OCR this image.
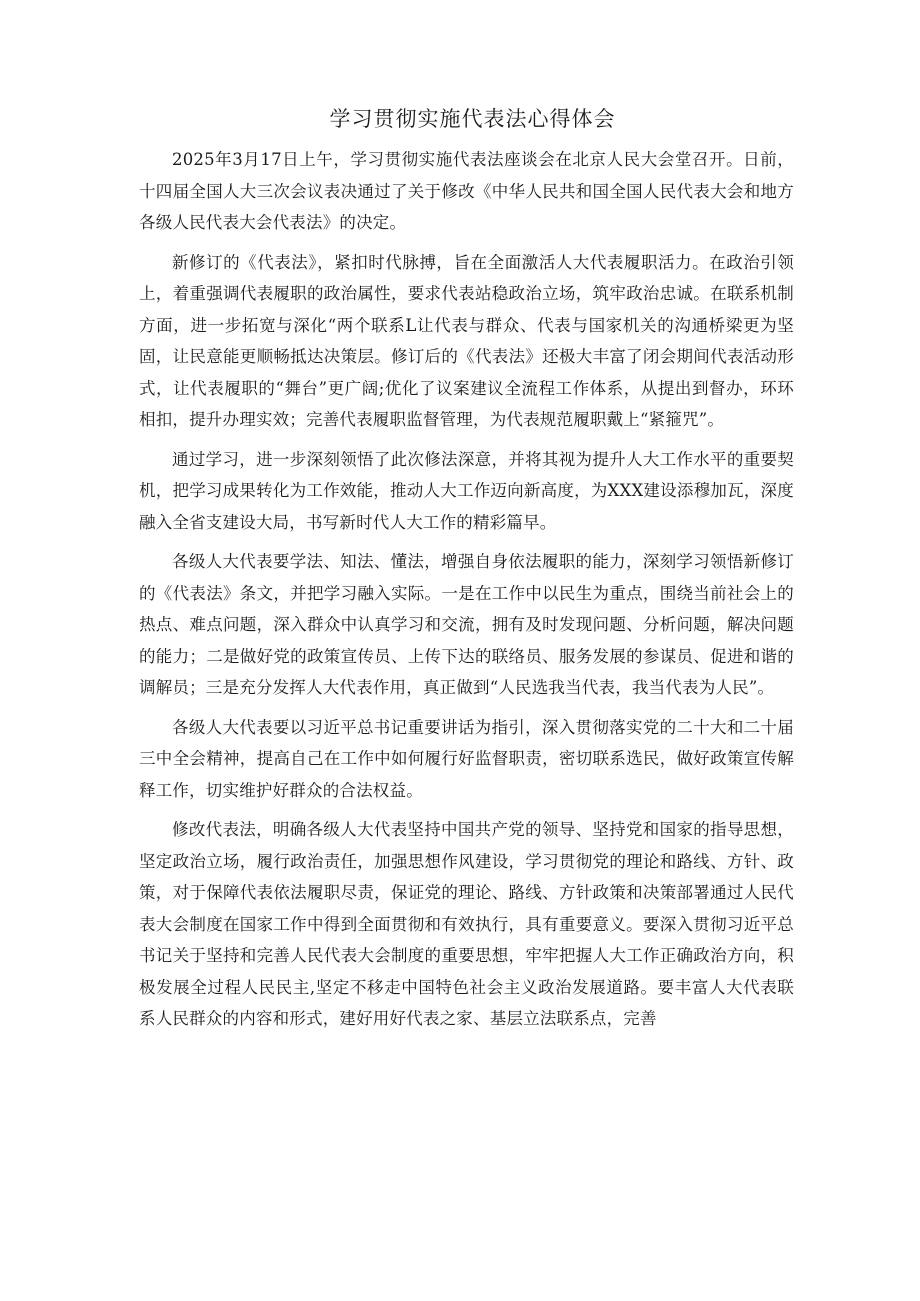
学习贯彻实施代表法心得体会

2025年3月17日上午，学习贯彻实施代表法座谈会在北京人民大会堂召开。日前，十四届全国人大三次会议表决通过了关于修改《中华人民共和国全国人民代表大会和地方各级人民代表大会代表法》的决定。

新修订的《代表法》，紧扣时代脉搏，旨在全面激活人大代表履职活力。在政治引领上，着重强调代表履职的政治属性，要求代表站稳政治立场，筑牢政治忠诚。在联系机制方面，进一步拓宽与深化“两个联系L让代表与群众、代表与国家机关的沟通桥梁更为坚固，让民意能更顺畅抵达决策层。修订后的《代表法》还极大丰富了闭会期间代表活动形式，让代表履职的“舞台”更广阔;优化了议案建议全流程工作体系，从提出到督办，环环相扣，提升办理实效；完善代表履职监督管理，为代表规范履职戴上“紧箍咒”。

通过学习，进一步深刻领悟了此次修法深意，并将其视为提升人大工作水平的重要契机，把学习成果转化为工作效能，推动人大工作迈向新高度，为XXX建设添穆加瓦，深度融入全省支建设大局，书写新时代人大工作的精彩篇早。

各级人大代表要学法、知法、懂法，增强自身依法履职的能力，深刻学习领悟新修订的《代表法》条文，并把学习融入实际。一是在工作中以民生为重点，围绕当前社会上的热点、难点问题，深入群众中认真学习和交流，拥有及时发现问题、分析问题，解决问题的能力；二是做好党的政策宣传员、上传下达的联络员、服务发展的参谋员、促进和谐的调解员；三是充分发挥人大代表作用，真正做到“人民选我当代表，我当代表为人民”。

各级人大代表要以习近平总书记重要讲话为指引，深入贯彻落实党的二十大和二十届三中全会精神，提高自己在工作中如何履行好监督职责，密切联系选民，做好政策宣传解释工作，切实维护好群众的合法权益。

修改代表法，明确各级人大代表坚持中国共产党的领导、坚持党和国家的指导思想，坚定政治立场，履行政治责任，加强思想作风建设，学习贯彻党的理论和路线、方针、政策，对于保障代表依法履职尽责，保证党的理论、路线、方针政策和决策部署通过人民代表大会制度在国家工作中得到全面贯彻和有效执行，具有重要意义。要深入贯彻习近平总书记关于坚持和完善人民代表大会制度的重要思想，牢牢把握人大工作正确政治方向，积极发展全过程人民民主,坚定不移走中国特色社会主义政治发展道路。要丰富人大代表联系人民群众的内容和形式，建好用好代表之家、基层立法联系点，完善
